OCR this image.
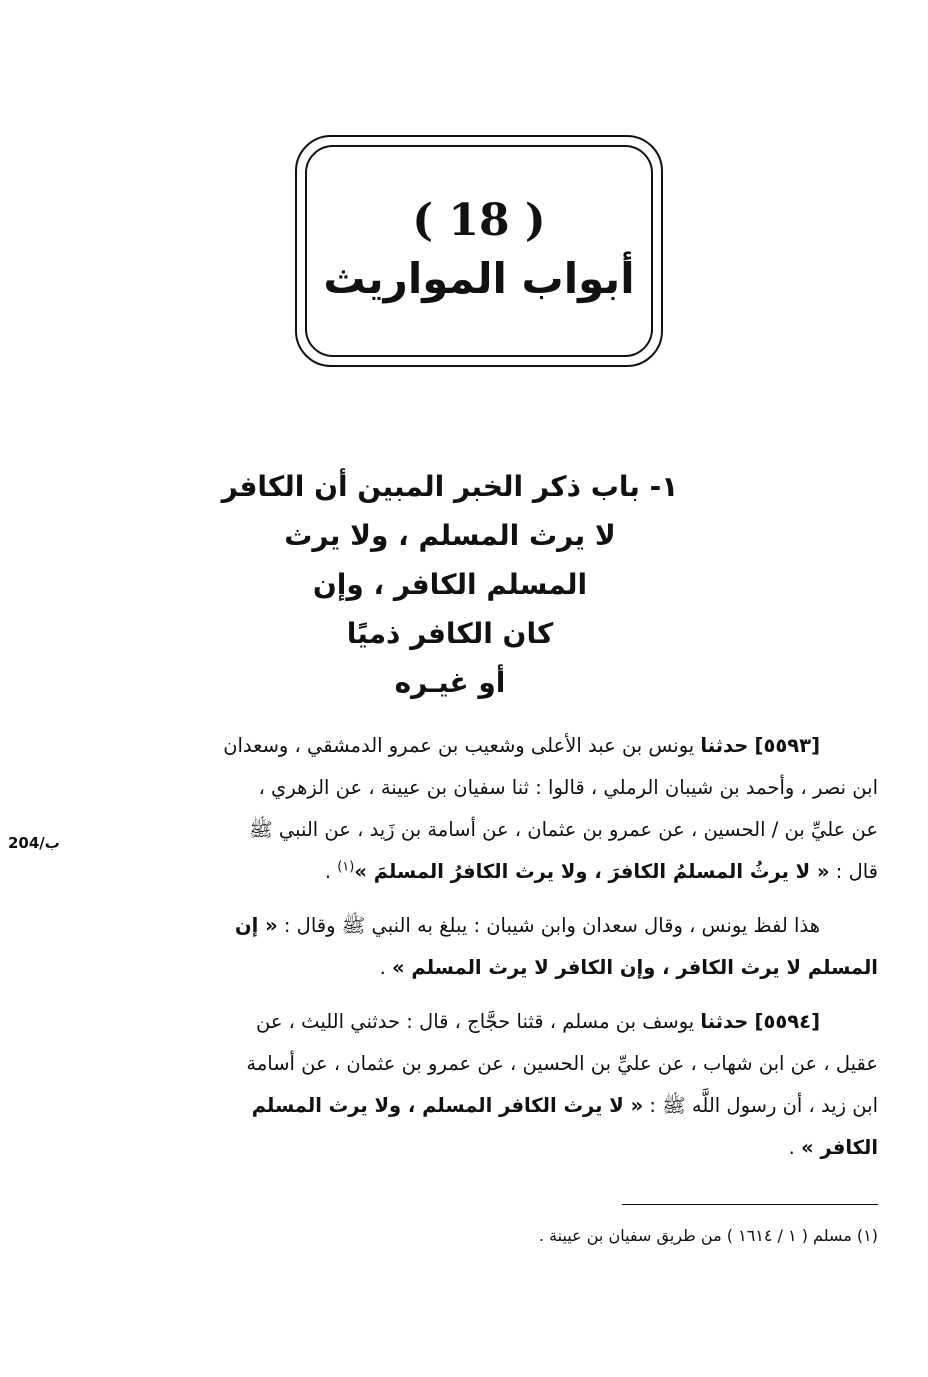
( 18 )
أبواب المواريث
١- باب ذكر الخبر المبين أن الكافر
لا يرث المسلم ، ولا يرث
المسلم الكافر ، وإن
كان الكافر ذميًا
أو غيـره
[٥٥٩٣] حدثنا يونس بن عبد الأعلى وشعيب بن عمرو الدمشقي ، وسعدان
ابن نصر ، وأحمد بن شيبان الرملي ، قالوا : ثنا سفيان بن عيينة ، عن الزهري ،
عن عليِّ بن / الحسين ، عن عمرو بن عثمان ، عن أسامة بن زَيد ، عن النبي ﷺ
قال : « لا يرثُ المسلمُ الكافرَ ، ولا يرث الكافرُ المسلمَ »$^{(١)}$ .
204/ب
هذا لفظ يونس ، وقال سعدان وابن شيبان : يبلغ به النبي ﷺ وقال : « إن
المسلم لا يرث الكافر ، وإن الكافر لا يرث المسلم » .
[٥٥٩٤] حدثنا يوسف بن مسلم ، قثنا حجَّاج ، قال : حدثني الليث ، عن
عقيل ، عن ابن شهاب ، عن عليِّ بن الحسين ، عن عمرو بن عثمان ، عن أسامة
ابن زيد ، أن رسول اللَّه ﷺ : « لا يرث الكافر المسلم ، ولا يرث المسلم
الكافر » .
(١) مسلم ( ١ / ١٦١٤ ) من طريق سفيان بن عيينة .
